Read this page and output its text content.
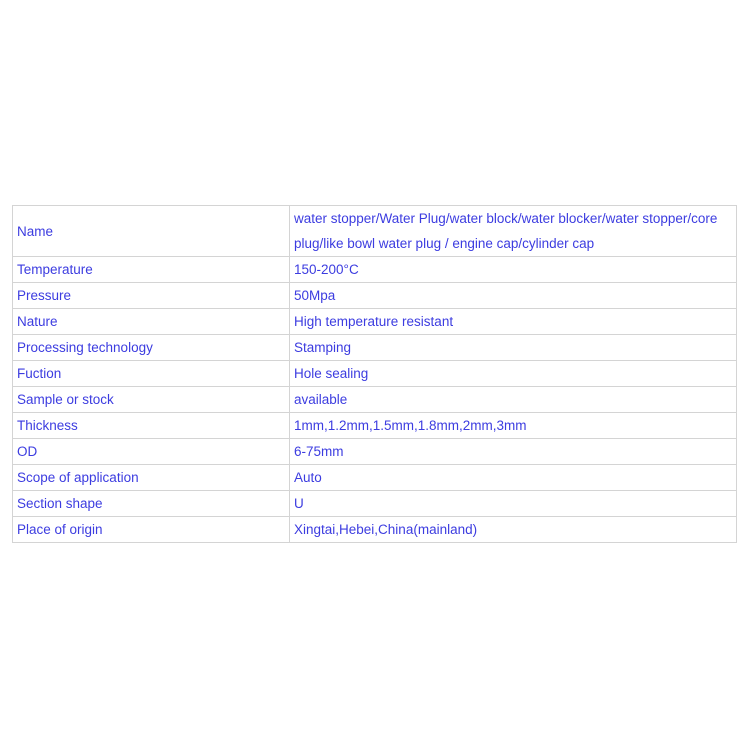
Name	water stopper/Water Plug/water block/water blocker/water stopper/core plug/like bowl water plug / engine cap/cylinder cap
Temperature	150-200°C
Pressure	50Mpa
Nature	High temperature resistant
Processing technology	Stamping
Fuction	Hole sealing
Sample or stock	available
Thickness	1mm,1.2mm,1.5mm,1.8mm,2mm,3mm
OD	6-75mm
Scope of application	Auto
Section shape	U
Place of origin	Xingtai,Hebei,China(mainland)
